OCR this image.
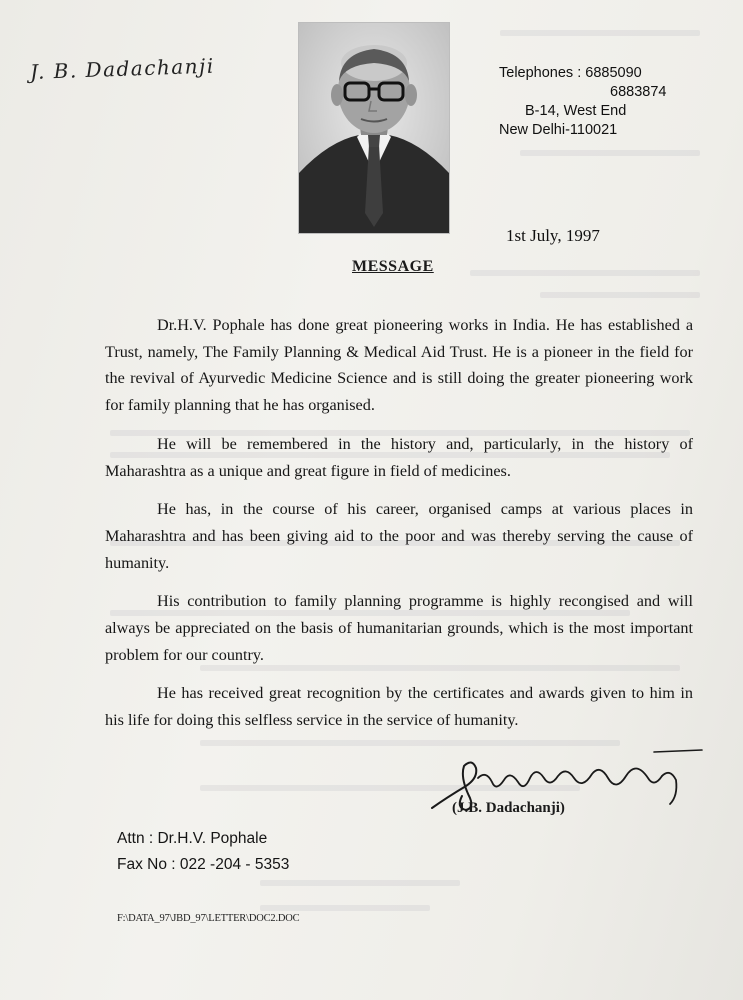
J. B. Dadachanji	Telephones : 6885090
6883874
B-14, West End
New Delhi-110021
1st July, 1997
MESSAGE

Dr.H.V. Pophale has done great pioneering works in India. He has established a Trust, namely, The Family Planning & Medical Aid Trust. He is a pioneer in the field for the revival of Ayurvedic Medicine Science and is still doing the greater pioneering work for family planning that he has organised.

He will be remembered in the history and, particularly, in the history of Maharashtra as a unique and great figure in field of medicines.

He has, in the course of his career, organised camps at various places in Maharashtra and has been giving aid to the poor and was thereby serving the cause of humanity.

His contribution to family planning programme is highly recongised and will always be appreciated on the basis of humanitarian grounds, which is the most important problem for our country.

He has received great recognition by the certificates and awards given to him in his life for doing this selfless service in the service of humanity.

(J.B. Dadachanji)
Attn : Dr.H.V. Pophale
Fax No : 022 -204 - 5353
F:\DATA_97\JBD_97\LETTER\DOC2.DOC
